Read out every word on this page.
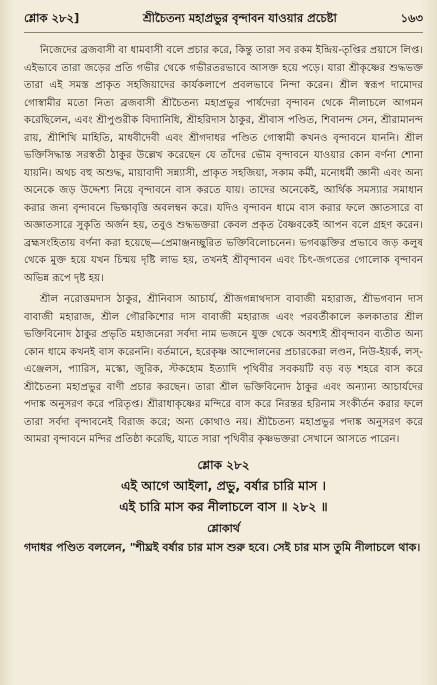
শ্লোক ২৮২]	শ্রীচৈতন্য মহাপ্রভুর বৃন্দাবন যাওয়ার প্রচেষ্টা	১৬৩

নিজেদের ব্রজবাসী বা ধামবাসী বলে প্রচার করে, কিন্তু তারা সব রকম ইন্দ্রিয়-তৃপ্তির প্রয়াসে লিপ্ত। এইভাবে তারা জড়ের প্রতি গভীর থেকে গভীরতরভাবে আসক্ত হয়ে পড়ে। যারা শ্রীকৃষ্ণের শুদ্ধভক্ত তারা এই সমস্ত প্রাকৃত সহজিয়াদের কার্যকলাপে প্রবলভাবে নিন্দা করেন। শ্রীল স্বরূপ দামোদর গোস্বামীর মতো নিত্য ব্রজবাসী শ্রীচৈতন্য মহাপ্রভুর পার্ষদেরা বৃন্দাবন থেকে নীলাচলে আগমন করেছিলেন, এবং শ্রীপুণ্ডরীক বিদ্যানিধি, শ্রীহরিদাস ঠাকুর, শ্রীবাস পণ্ডিত, শিবানন্দ সেন, শ্রীরামানন্দ রায়, শ্রীশিখি মাহিতি, মাধবীদেবী এবং শ্রীগদাধর পণ্ডিত গোস্বামী কখনও বৃন্দাবনে যাননি। শ্রীল ভক্তিসিদ্ধান্ত সরস্বতী ঠাকুর উল্লেখ করেছেন যে তাঁদের ভৌম বৃন্দাবনে যাওয়ার কোন বর্ণনা শোনা যায়নি। অথচ বহু অশুদ্ধ, মায়াবাদী সন্ন্যাসী, প্রাকৃত সহজিয়া, সকাম কর্মী, মনোধর্মী জ্ঞানী এবং অন্য অনেকে জড় উদ্দেশ্য নিয়ে বৃন্দাবনে বাস করতে যায়। তাদের অনেকেই, আর্থিক সমস্যার সমাধান করার জন্য বৃন্দাবনে ভিক্ষাবৃত্তি অবলম্বন করে। যদিও বৃন্দাবন ধামে বাস করার ফলে জ্ঞাতসারে বা অজ্ঞাতসারে সুকৃতি অর্জন হয়, তবুও শুদ্ধভক্তরা কেবল প্রকৃত বৈষ্ণবকেই আপন বলে গ্রহণ করেন। ব্রহ্মসংহিতায় বর্ণনা করা হয়েছে—প্রেমাঞ্জনচ্ছুরিত ভক্তিবিলোচনেন। ভগবদ্ভক্তির প্রভাবে জড় কলুষ থেকে মুক্ত হয়ে যখন চিন্ময় দৃষ্টি লাভ হয়, তখনই শ্রীবৃন্দাবন এবং চিৎ-জগতের গোলোক বৃন্দাবন অভিন্ন রূপে দৃষ্ট হয়।

শ্রীল নরোত্তমদাস ঠাকুর, শ্রীনিবাস আচার্য, শ্রীজগন্নাথদাস বাবাজী মহারাজ, শ্রীভগবান দাস বাবাজী মহারাজ, শ্রীল গৌরকিশোর দাস বাবাজী মহারাজ এবং পরবর্তীকালে কলকাতার শ্রীল ভক্তিবিনোদ ঠাকুর প্রভৃতি মহাজনেরা সর্বদা নাম ভজনে যুক্ত থেকে অবশ্যই শ্রীবৃন্দাবন ব্যতীত অন্য কোন ধামে কখনই বাস করেননি। বর্তমানে, হরেকৃষ্ণ আন্দোলনের প্রচারকেরা লণ্ডন, নিউ-ইয়র্ক, লস্‌-এঞ্জেলস, প্যারিস, মস্কো, জুরিক, স্টকহোম ইত্যাদি পৃথিবীর সবকয়টি বড় বড় শহরে বাস করে শ্রীচৈতন্য মহাপ্রভুর বাণী প্রচার করছেন। তারা শ্রীল ভক্তিবিনোদ ঠাকুর এবং অন্যান্য আচার্যদের পদাঙ্ক অনুসরণ করে পরিতৃপ্ত। শ্রীরাধাকৃষ্ণের মন্দিরে বাস করে নিরন্তর হরিনাম সংকীর্তন করার ফলে তারা সর্বদা বৃন্দাবনেই বিরাজ করে; অন্য কোথাও নয়। শ্রীচৈতন্য মহাপ্রভুর পদাঙ্ক অনুসরণ করে আমরা বৃন্দাবনে মন্দির প্রতিষ্ঠা করেছি, যাতে সারা পৃথিবীর কৃষ্ণভক্তরা সেখানে আসতে পারেন।

শ্লোক ২৮২
এই আগে আইলা, প্রভু, বর্ষার চারি মাস ।
এই চারি মাস কর নীলাচলে বাস ॥ ২৮২ ॥
শ্লোকার্থ

গদাধর পণ্ডিত বললেন, "শীঘ্রই বর্ষার চার মাস শুরু হবে। সেই চার মাস তুমি নীলাচলে থাক।
